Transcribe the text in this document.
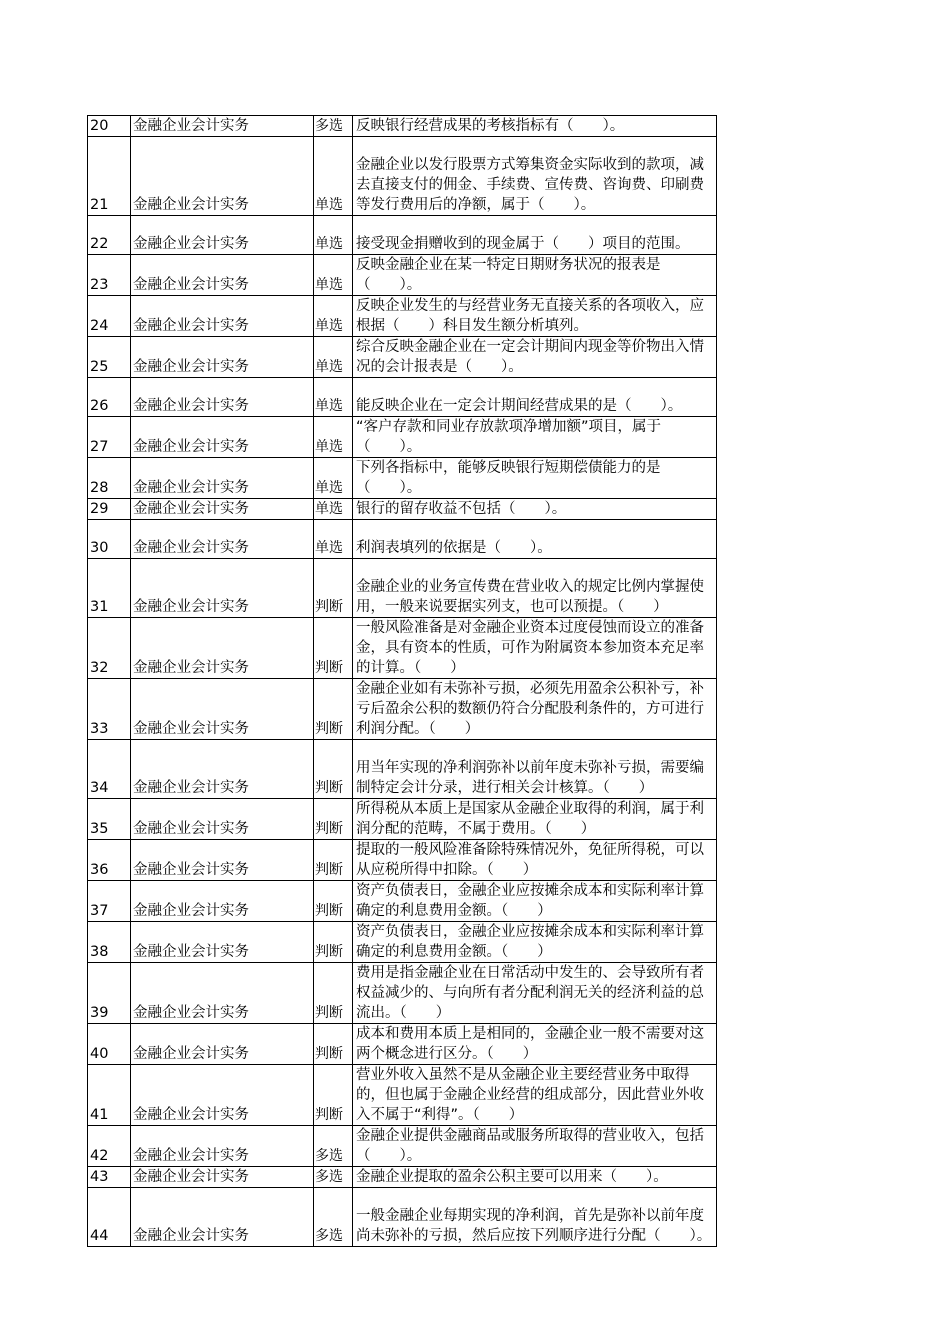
20	金融企业会计实务	多选	反映银行经营成果的考核指标有（　　）。
21	金融企业会计实务	单选	金融企业以发行股票方式筹集资金实际收到的款项，减去直接支付的佣金、手续费、宣传费、咨询费、印刷费等发行费用后的净额，属于（　　）。
22	金融企业会计实务	单选	接受现金捐赠收到的现金属于（　　）项目的范围。
23	金融企业会计实务	单选	反映金融企业在某一特定日期财务状况的报表是（　　）。
24	金融企业会计实务	单选	反映企业发生的与经营业务无直接关系的各项收入，应根据（　　）科目发生额分析填列。
25	金融企业会计实务	单选	综合反映金融企业在一定会计期间内现金等价物出入情况的会计报表是（　　）。
26	金融企业会计实务	单选	能反映企业在一定会计期间经营成果的是（　　）。
27	金融企业会计实务	单选	“客户存款和同业存放款项净增加额”项目，属于（　　）。
28	金融企业会计实务	单选	下列各指标中，能够反映银行短期偿债能力的是（　　）。
29	金融企业会计实务	单选	银行的留存收益不包括（　　）。
30	金融企业会计实务	单选	利润表填列的依据是（　　）。
31	金融企业会计实务	判断	金融企业的业务宣传费在营业收入的规定比例内掌握使用，一般来说要据实列支，也可以预提。（　　）
32	金融企业会计实务	判断	一般风险准备是对金融企业资本过度侵蚀而设立的准备金，具有资本的性质，可作为附属资本参加资本充足率的计算。（　　）
33	金融企业会计实务	判断	金融企业如有未弥补亏损，必须先用盈余公积补亏，补亏后盈余公积的数额仍符合分配股利条件的，方可进行利润分配。（　　）
34	金融企业会计实务	判断	用当年实现的净利润弥补以前年度未弥补亏损，需要编制特定会计分录，进行相关会计核算。（　　）
35	金融企业会计实务	判断	所得税从本质上是国家从金融企业取得的利润，属于利润分配的范畴，不属于费用。（　　）
36	金融企业会计实务	判断	提取的一般风险准备除特殊情况外，免征所得税，可以从应税所得中扣除。（　　）
37	金融企业会计实务	判断	资产负债表日，金融企业应按摊余成本和实际利率计算确定的利息费用金额。（　　）
38	金融企业会计实务	判断	资产负债表日，金融企业应按摊余成本和实际利率计算确定的利息费用金额。（　　）
39	金融企业会计实务	判断	费用是指金融企业在日常活动中发生的、会导致所有者权益减少的、与向所有者分配利润无关的经济利益的总流出。（　　）
40	金融企业会计实务	判断	成本和费用本质上是相同的，金融企业一般不需要对这两个概念进行区分。（　　）
41	金融企业会计实务	判断	营业外收入虽然不是从金融企业主要经营业务中取得的，但也属于金融企业经营的组成部分，因此营业外收入不属于“利得”。（　　）
42	金融企业会计实务	多选	金融企业提供金融商品或服务所取得的营业收入，包括（　　）。
43	金融企业会计实务	多选	金融企业提取的盈余公积主要可以用来（　　）。
44	金融企业会计实务	多选	一般金融企业每期实现的净利润，首先是弥补以前年度尚未弥补的亏损，然后应按下列顺序进行分配（　　）。
